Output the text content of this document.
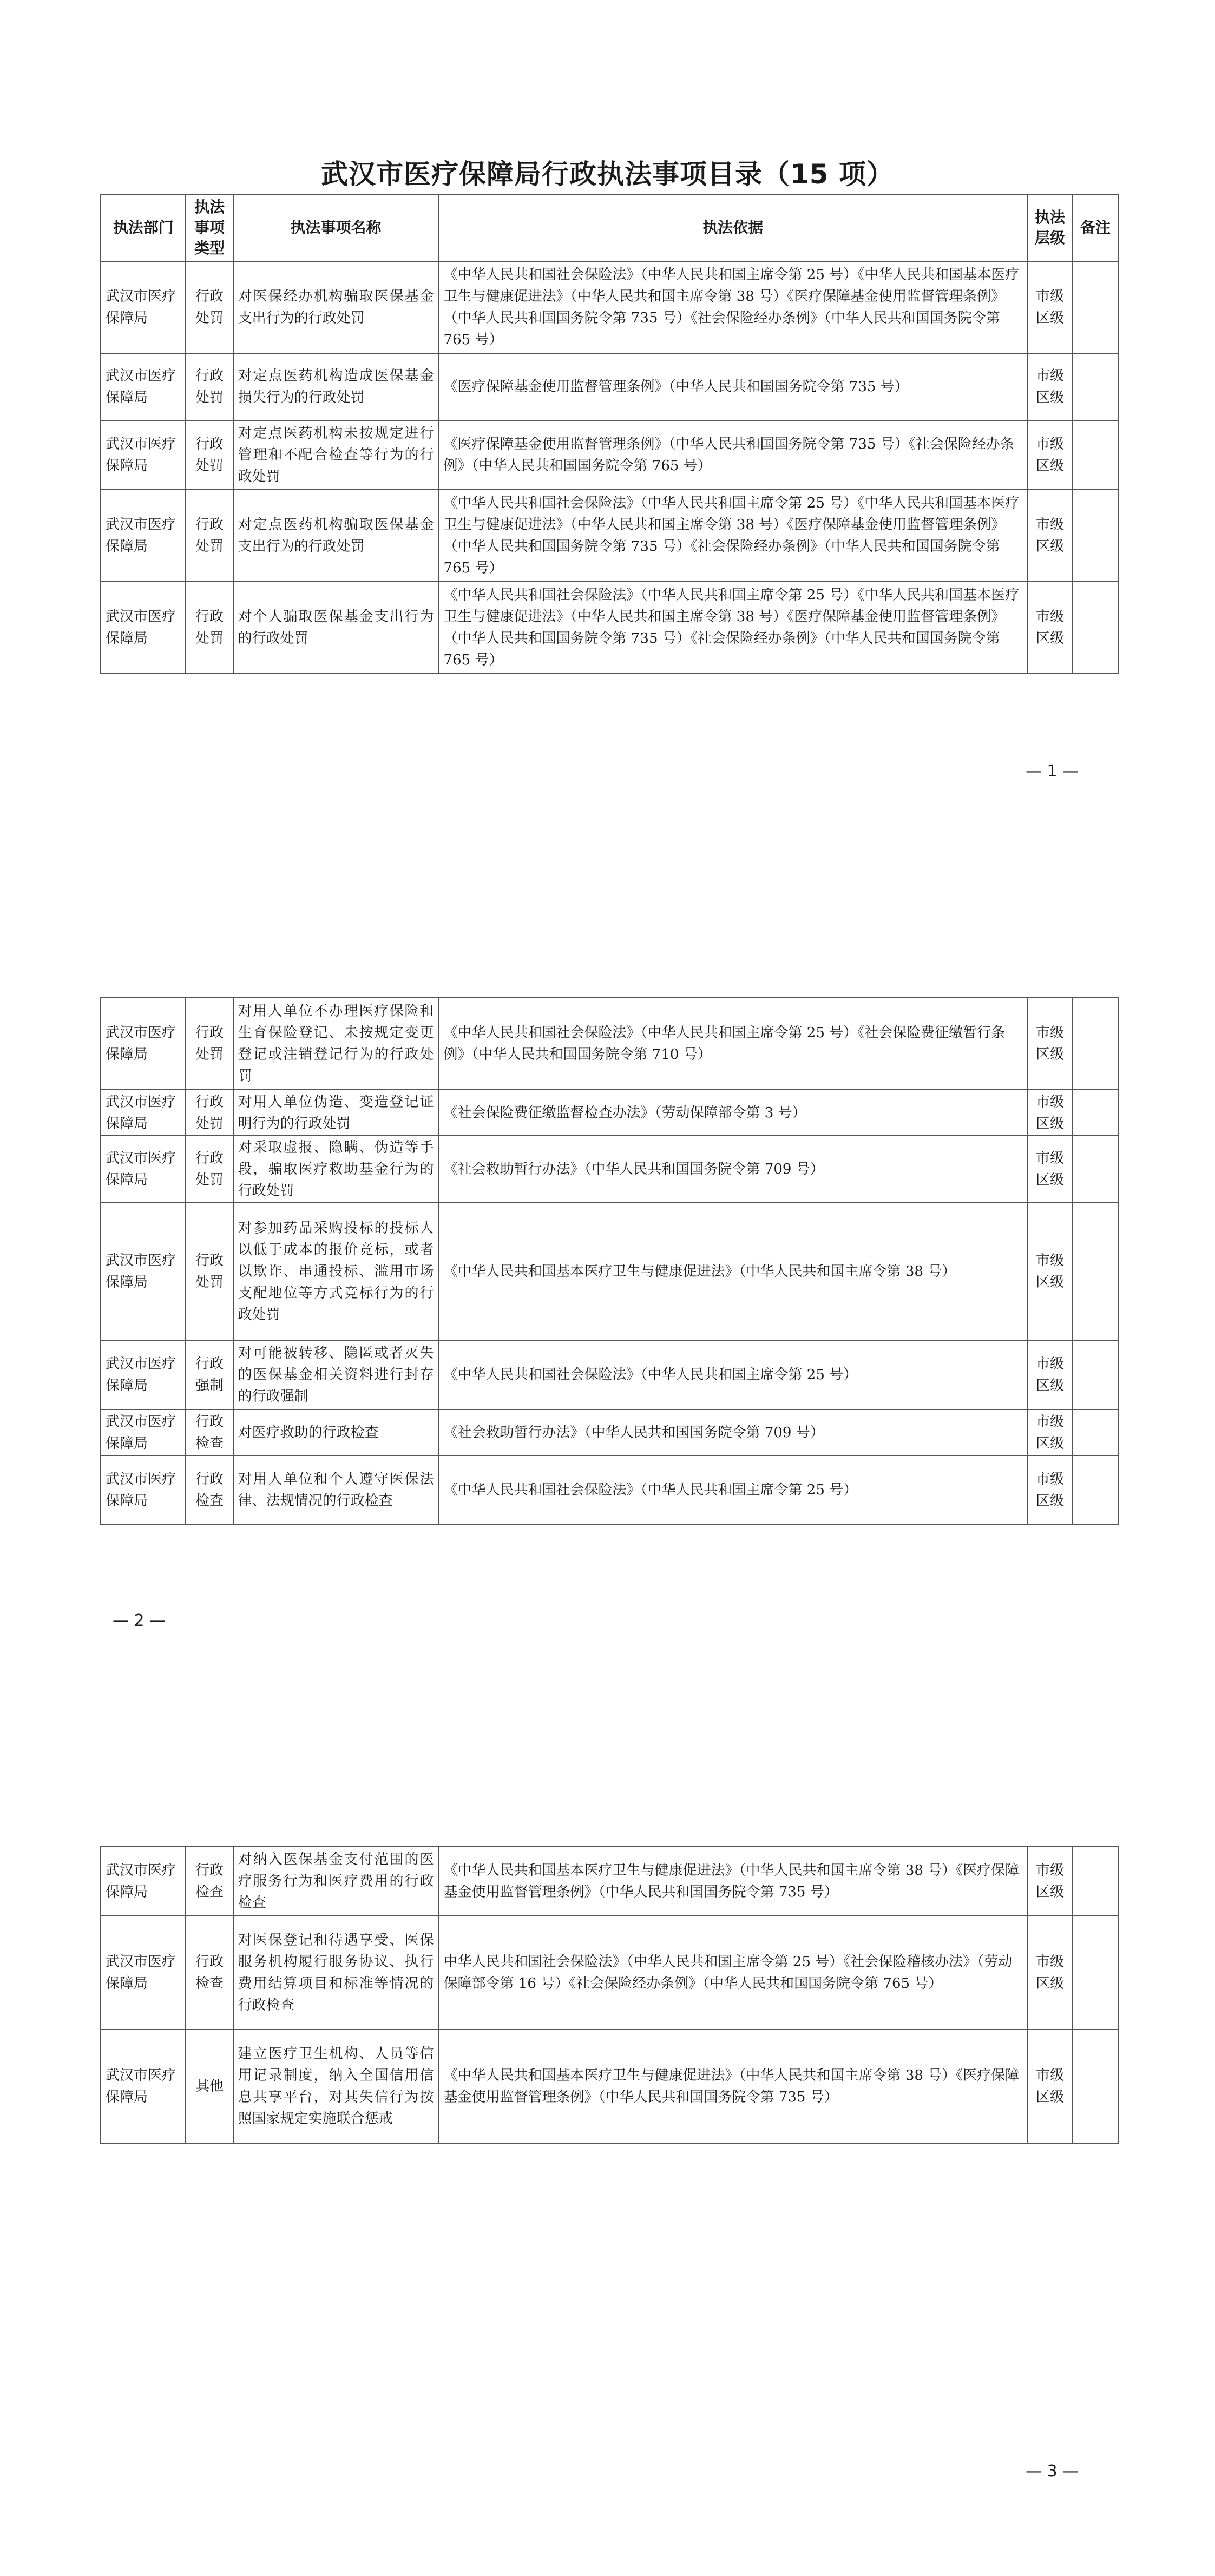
武汉市医疗保障局行政执法事项目录（15 项）
执法部门	执法事项类型	执法事项名称	执法依据	执法层级	备注
武汉市医疗保障局	行政处罚	对医保经办机构骗取医保基金支出行为的行政处罚	《中华人民共和国社会保险法》（中华人民共和国主席令第 25 号）《中华人民共和国基本医疗卫生与健康促进法》（中华人民共和国主席令第 38 号）《医疗保障基金使用监督管理条例》（中华人民共和国国务院令第 735 号）《社会保险经办条例》（中华人民共和国国务院令第 765 号）	市级区级	
武汉市医疗保障局	行政处罚	对定点医药机构造成医保基金损失行为的行政处罚	《医疗保障基金使用监督管理条例》（中华人民共和国国务院令第 735 号）	市级区级	
武汉市医疗保障局	行政处罚	对定点医药机构未按规定进行管理和不配合检查等行为的行政处罚	《医疗保障基金使用监督管理条例》（中华人民共和国国务院令第 735 号）《社会保险经办条例》（中华人民共和国国务院令第 765 号）	市级区级	
武汉市医疗保障局	行政处罚	对定点医药机构骗取医保基金支出行为的行政处罚	《中华人民共和国社会保险法》（中华人民共和国主席令第 25 号）《中华人民共和国基本医疗卫生与健康促进法》（中华人民共和国主席令第 38 号）《医疗保障基金使用监督管理条例》（中华人民共和国国务院令第 735 号）《社会保险经办条例》（中华人民共和国国务院令第 765 号）	市级区级	
武汉市医疗保障局	行政处罚	对个人骗取医保基金支出行为的行政处罚	《中华人民共和国社会保险法》（中华人民共和国主席令第 25 号）《中华人民共和国基本医疗卫生与健康促进法》（中华人民共和国主席令第 38 号）《医疗保障基金使用监督管理条例》（中华人民共和国国务院令第 735 号）《社会保险经办条例》（中华人民共和国国务院令第 765 号）	市级区级	
— 1 —
武汉市医疗保障局	行政处罚	对用人单位不办理医疗保险和生育保险登记、未按规定变更登记或注销登记行为的行政处罚	《中华人民共和国社会保险法》（中华人民共和国主席令第 25 号）《社会保险费征缴暂行条例》（中华人民共和国国务院令第 710 号）	市级区级	
武汉市医疗保障局	行政处罚	对用人单位伪造、变造登记证明行为的行政处罚	《社会保险费征缴监督检查办法》（劳动保障部令第 3 号）	市级区级	
武汉市医疗保障局	行政处罚	对采取虚报、隐瞒、伪造等手段，骗取医疗救助基金行为的行政处罚	《社会救助暂行办法》（中华人民共和国国务院令第 709 号）	市级区级	
武汉市医疗保障局	行政处罚	对参加药品采购投标的投标人以低于成本的报价竞标，或者以欺诈、串通投标、滥用市场支配地位等方式竞标行为的行政处罚	《中华人民共和国基本医疗卫生与健康促进法》（中华人民共和国主席令第 38 号）	市级区级	
武汉市医疗保障局	行政强制	对可能被转移、隐匿或者灭失的医保基金相关资料进行封存的行政强制	《中华人民共和国社会保险法》（中华人民共和国主席令第 25 号）	市级区级	
武汉市医疗保障局	行政检查	对医疗救助的行政检查	《社会救助暂行办法》（中华人民共和国国务院令第 709 号）	市级区级	
武汉市医疗保障局	行政检查	对用人单位和个人遵守医保法律、法规情况的行政检查	《中华人民共和国社会保险法》（中华人民共和国主席令第 25 号）	市级区级	
— 2 —
武汉市医疗保障局	行政检查	对纳入医保基金支付范围的医疗服务行为和医疗费用的行政检查	《中华人民共和国基本医疗卫生与健康促进法》（中华人民共和国主席令第 38 号）《医疗保障基金使用监督管理条例》（中华人民共和国国务院令第 735 号）	市级区级	
武汉市医疗保障局	行政检查	对医保登记和待遇享受、医保服务机构履行服务协议、执行费用结算项目和标准等情况的行政检查	中华人民共和国社会保险法》（中华人民共和国主席令第 25 号）《社会保险稽核办法》（劳动保障部令第 16 号）《社会保险经办条例》（中华人民共和国国务院令第 765 号）	市级区级	
武汉市医疗保障局	其他	建立医疗卫生机构、人员等信用记录制度，纳入全国信用信息共享平台，对其失信行为按照国家规定实施联合惩戒	《中华人民共和国基本医疗卫生与健康促进法》（中华人民共和国主席令第 38 号）《医疗保障基金使用监督管理条例》（中华人民共和国国务院令第 735 号）	市级区级	
— 3 —
